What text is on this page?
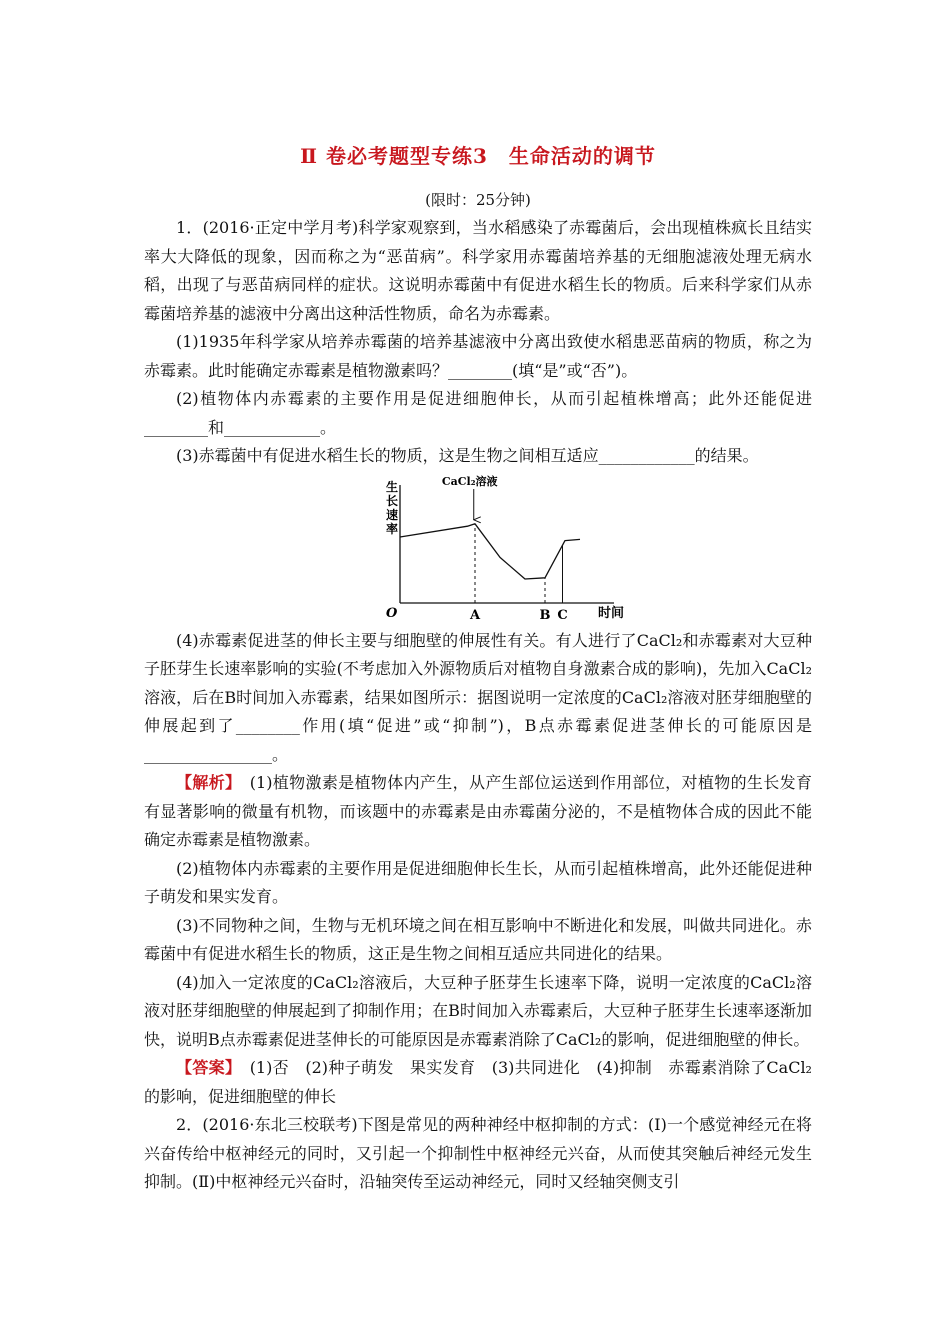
Ⅱ 卷必考题型专练3　生命活动的调节
(限时：25分钟)

1．(2016·正定中学月考)科学家观察到，当水稻感染了赤霉菌后，会出现植株疯长且结实率大大降低的现象，因而称之为“恶苗病”。科学家用赤霉菌培养基的无细胞滤液处理无病水稻，出现了与恶苗病同样的症状。这说明赤霉菌中有促进水稻生长的物质。后来科学家们从赤霉菌培养基的滤液中分离出这种活性物质，命名为赤霉素。

(1)1935年科学家从培养赤霉菌的培养基滤液中分离出致使水稻患恶苗病的物质，称之为赤霉素。此时能确定赤霉素是植物激素吗？________(填“是”或“否”)。

(2)植物体内赤霉素的主要作用是促进细胞伸长，从而引起植株增高；此外还能促进________和____________。

(3)赤霉菌中有促进水稻生长的物质，这是生物之间相互适应____________的结果。

A	B C
O
生长速率
时间
CaCl₂溶液

(4)赤霉素促进茎的伸长主要与细胞壁的伸展性有关。有人进行了CaCl₂和赤霉素对大豆种子胚芽生长速率影响的实验(不考虑加入外源物质后对植物自身激素合成的影响)，先加入CaCl₂溶液，后在B时间加入赤霉素，结果如图所示：据图说明一定浓度的CaCl₂溶液对胚芽细胞壁的伸展起到了________作用(填“促进”或“抑制”)，B点赤霉素促进茎伸长的可能原因是________________。

【解析】　 (1)植物激素是植物体内产生，从产生部位运送到作用部位，对植物的生长发育有显著影响的微量有机物，而该题中的赤霉素是由赤霉菌分泌的，不是植物体合成的因此不能确定赤霉素是植物激素。

(2)植物体内赤霉素的主要作用是促进细胞伸长生长，从而引起植株增高，此外还能促进种子萌发和果实发育。

(3)不同物种之间，生物与无机环境之间在相互影响中不断进化和发展，叫做共同进化。赤霉菌中有促进水稻生长的物质，这正是生物之间相互适应共同进化的结果。

(4)加入一定浓度的CaCl₂溶液后，大豆种子胚芽生长速率下降，说明一定浓度的CaCl₂溶液对胚芽细胞壁的伸展起到了抑制作用；在B时间加入赤霉素后，大豆种子胚芽生长速率逐渐加快，说明B点赤霉素促进茎伸长的可能原因是赤霉素消除了CaCl₂的影响，促进细胞壁的伸长。

【答案】　 (1)否　(2)种子萌发　果实发育　(3)共同进化　(4)抑制　赤霉素消除了CaCl₂的影响，促进细胞壁的伸长

2．(2016·东北三校联考)下图是常见的两种神经中枢抑制的方式：(Ⅰ)一个感觉神经元在将兴奋传给中枢神经元的同时，又引起一个抑制性中枢神经元兴奋，从而使其突触后神经元发生抑制。(Ⅱ)中枢神经元兴奋时，沿轴突传至运动神经元，同时又经轴突侧支引
